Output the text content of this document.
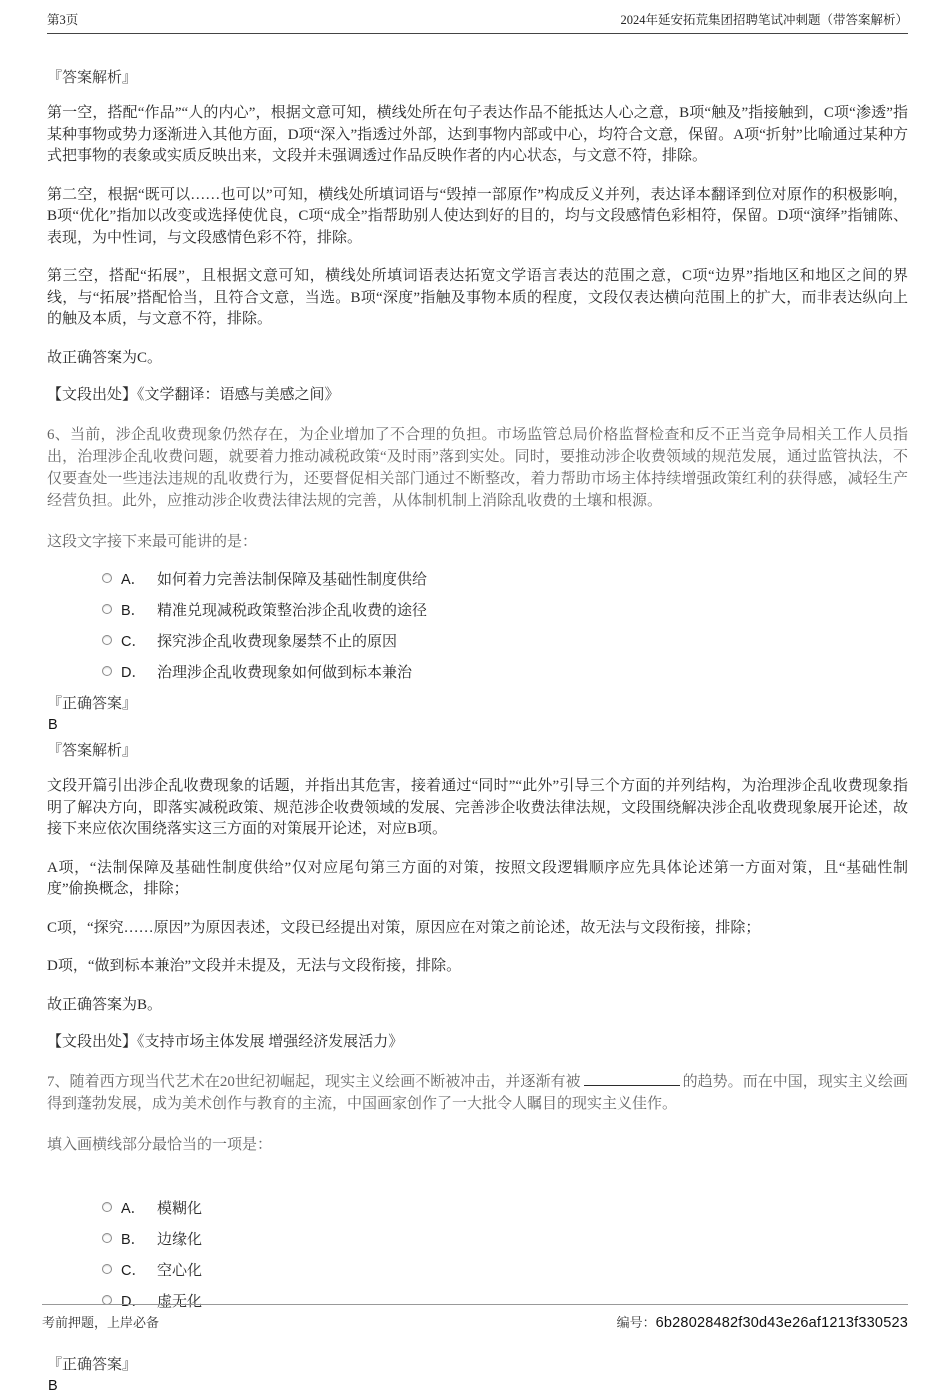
第3页	2024年延安拓荒集团招聘笔试冲刺题（带答案解析）
『答案解析』

第一空，搭配“作品”“人的内心”，根据文意可知，横线处所在句子表达作品不能抵达人心之意，B项“触及”指接触到，C项“渗透”指某种事物或势力逐渐进入其他方面，D项“深入”指透过外部，达到事物内部或中心，均符合文意，保留。A项“折射”比喻通过某种方式把事物的表象或实质反映出来，文段并未强调透过作品反映作者的内心状态，与文意不符，排除。

第二空，根据“既可以……也可以”可知，横线处所填词语与“毁掉一部原作”构成反义并列，表达译本翻译到位对原作的积极影响，B项“优化”指加以改变或选择使优良，C项“成全”指帮助别人使达到好的目的，均与文段感情色彩相符，保留。D项“演绎”指铺陈、表现，为中性词，与文段感情色彩不符，排除。

第三空，搭配“拓展”，且根据文意可知，横线处所填词语表达拓宽文学语言表达的范围之意，C项“边界”指地区和地区之间的界线，与“拓展”搭配恰当，且符合文意，当选。B项“深度”指触及事物本质的程度，文段仅表达横向范围上的扩大，而非表达纵向上的触及本质，与文意不符，排除。

故正确答案为C。

【文段出处】《文学翻译：语感与美感之间》

6、当前，涉企乱收费现象仍然存在，为企业增加了不合理的负担。市场监管总局价格监督检查和反不正当竞争局相关工作人员指出，治理涉企乱收费问题，就要着力推动减税政策“及时雨”落到实处。同时，要推动涉企收费领域的规范发展，通过监管执法，不仅要查处一些违法违规的乱收费行为，还要督促相关部门通过不断整改，着力帮助市场主体持续增强政策红利的获得感，减轻生产经营负担。此外，应推动涉企收费法律法规的完善，从体制机制上消除乱收费的土壤和根源。

这段文字接下来最可能讲的是：

A． 如何着力完善法制保障及基础性制度供给
B． 精准兑现减税政策整治涉企乱收费的途径
C． 探究涉企乱收费现象屡禁不止的原因
D． 治理涉企乱收费现象如何做到标本兼治
『正确答案』
B
『答案解析』

文段开篇引出涉企乱收费现象的话题，并指出其危害，接着通过“同时”“此外”引导三个方面的并列结构，为治理涉企乱收费现象指明了解决方向，即落实减税政策、规范涉企收费领域的发展、完善涉企收费法律法规，文段围绕解决涉企乱收费现象展开论述，故接下来应依次围绕落实这三方面的对策展开论述，对应B项。

A项，“法制保障及基础性制度供给”仅对应尾句第三方面的对策，按照文段逻辑顺序应先具体论述第一方面对策，且“基础性制度”偷换概念，排除；

C项，“探究……原因”为原因表述，文段已经提出对策，原因应在对策之前论述，故无法与文段衔接，排除；

D项，“做到标本兼治”文段并未提及，无法与文段衔接，排除。

故正确答案为B。

【文段出处】《支持市场主体发展 增强经济发展活力》

7、随着西方现当代艺术在20世纪初崛起，现实主义绘画不断被冲击，并逐渐有被	的趋势。而在中国，现实主义绘画得到蓬勃发展，成为美术创作与教育的主流，中国画家创作了一大批令人瞩目的现实主义佳作。

填入画横线部分最恰当的一项是：

A． 模糊化
B． 边缘化
C． 空心化
D． 虚无化
『正确答案』
B
考前押题，上岸必备	编号：6b28028482f30d43e26af1213f330523
